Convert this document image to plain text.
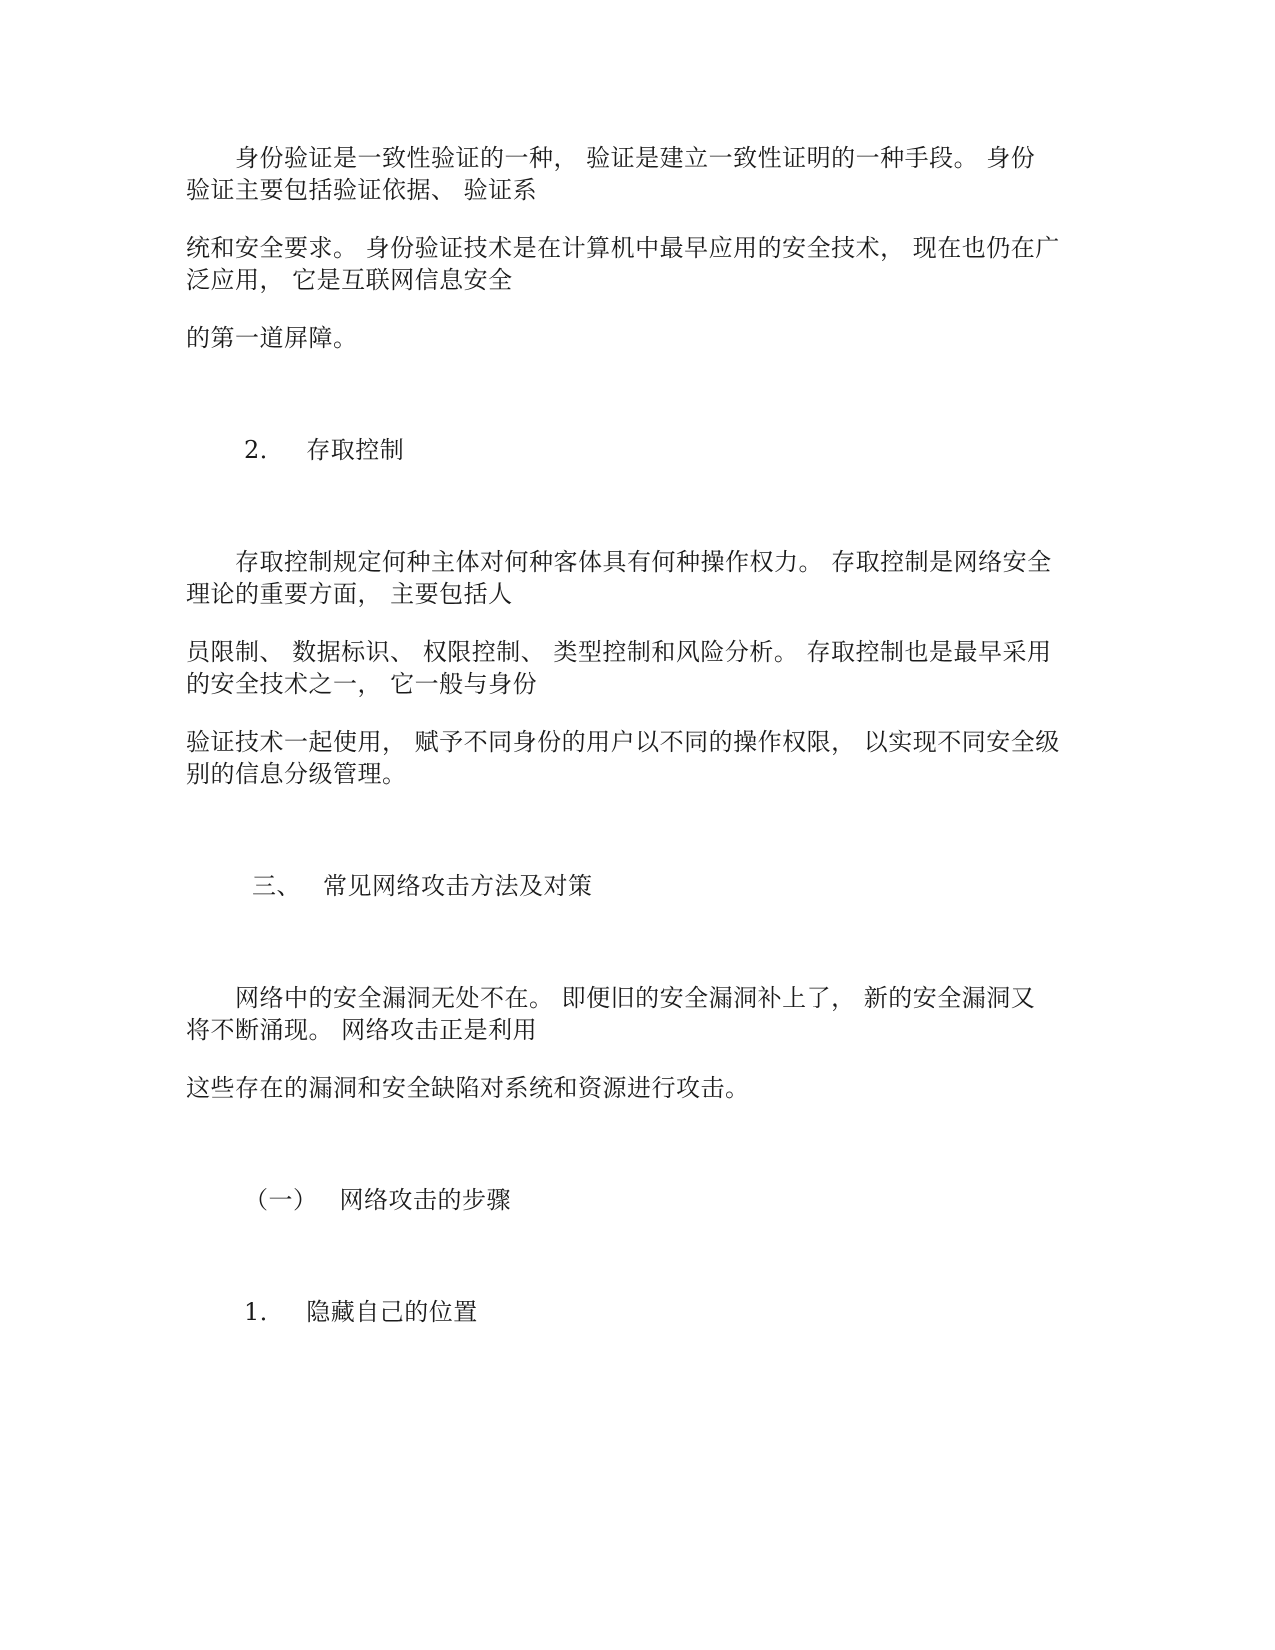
　　身份验证是一致性验证的一种， 验证是建立一致性证明的一种手段。 身份
验证主要包括验证依据、 验证系
统和安全要求。 身份验证技术是在计算机中最早应用的安全技术， 现在也仍在广
泛应用， 它是互联网信息安全
的第一道屏障。
2． 存取控制
　　存取控制规定何种主体对何种客体具有何种操作权力。 存取控制是网络安全
理论的重要方面， 主要包括人
员限制、 数据标识、 权限控制、 类型控制和风险分析。 存取控制也是最早采用
的安全技术之一， 它一般与身份
验证技术一起使用， 赋予不同身份的用户以不同的操作权限， 以实现不同安全级
别的信息分级管理。
三、 常见网络攻击方法及对策
　　网络中的安全漏洞无处不在。 即便旧的安全漏洞补上了， 新的安全漏洞又
将不断涌现。 网络攻击正是利用
这些存在的漏洞和安全缺陷对系统和资源进行攻击。
（一） 网络攻击的步骤
1． 隐藏自己的位置
